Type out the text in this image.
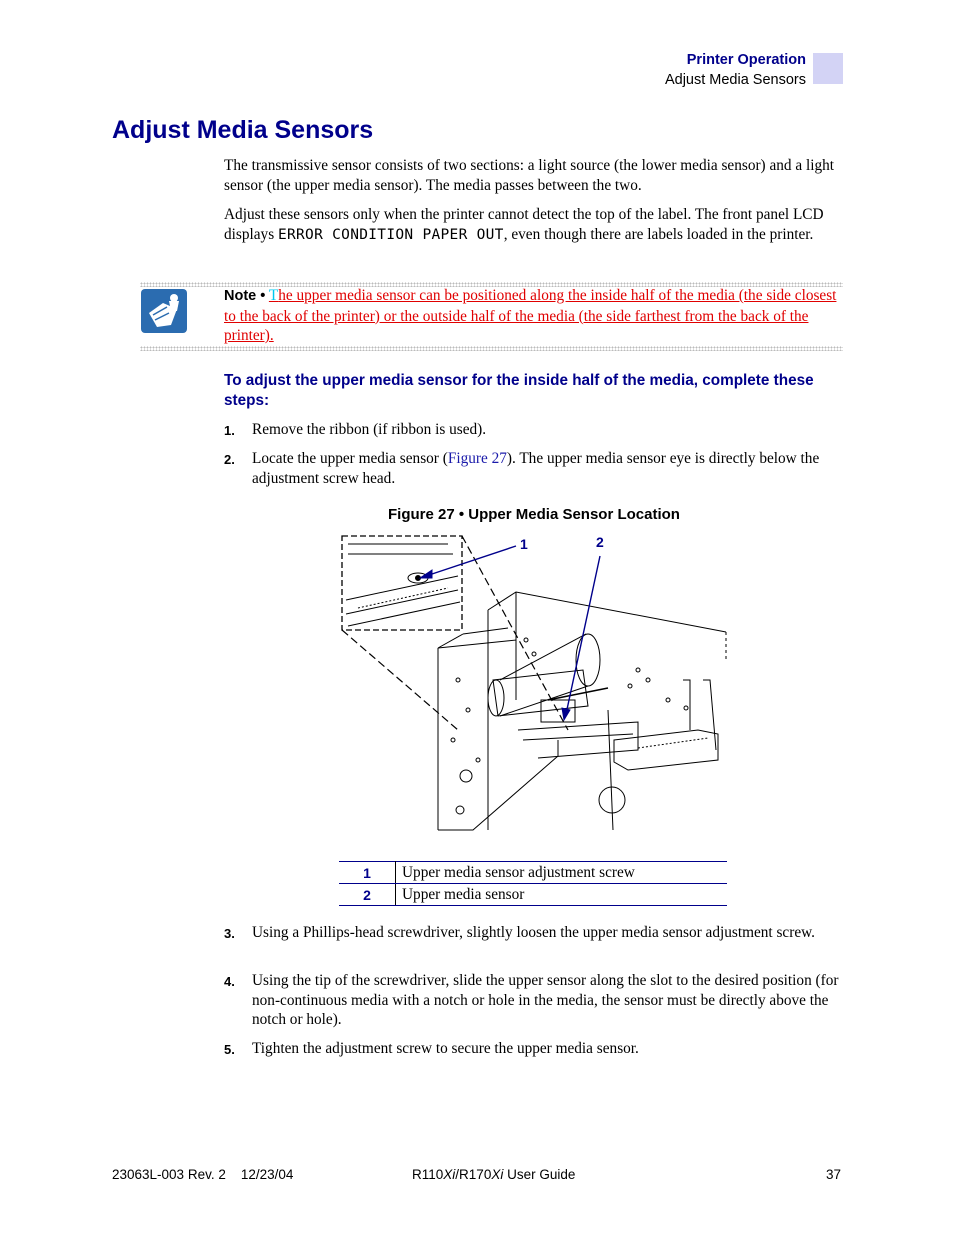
Printer Operation
Adjust Media Sensors
Adjust Media Sensors
The transmissive sensor consists of two sections: a light source (the lower media sensor) and a light sensor (the upper media sensor). The media passes between the two.
Adjust these sensors only when the printer cannot detect the top of the label. The front panel LCD displays ERROR CONDITION PAPER OUT, even though there are labels loaded in the printer.
Note • The upper media sensor can be positioned along the inside half of the media (the side closest to the back of the printer) or the outside half of the media (the side farthest from the back of the printer).
To adjust the upper media sensor for the inside half of the media, complete these steps:
1.	Remove the ribbon (if ribbon is used).
2.	Locate the upper media sensor (Figure 27). The upper media sensor eye is directly below the adjustment screw head.
Figure 27 • Upper Media Sensor Location
1	2
1	Upper media sensor adjustment screw
2	Upper media sensor
3.	Using a Phillips-head screwdriver, slightly loosen the upper media sensor adjustment screw.
4.	Using the tip of the screwdriver, slide the upper sensor along the slot to the desired position (for non-continuous media with a notch or hole in the media, the sensor must be directly above the notch or hole).
5.	Tighten the adjustment screw to secure the upper media sensor.
23063L-003 Rev. 2 12/23/04	R110Xi/R170Xi User Guide	37
